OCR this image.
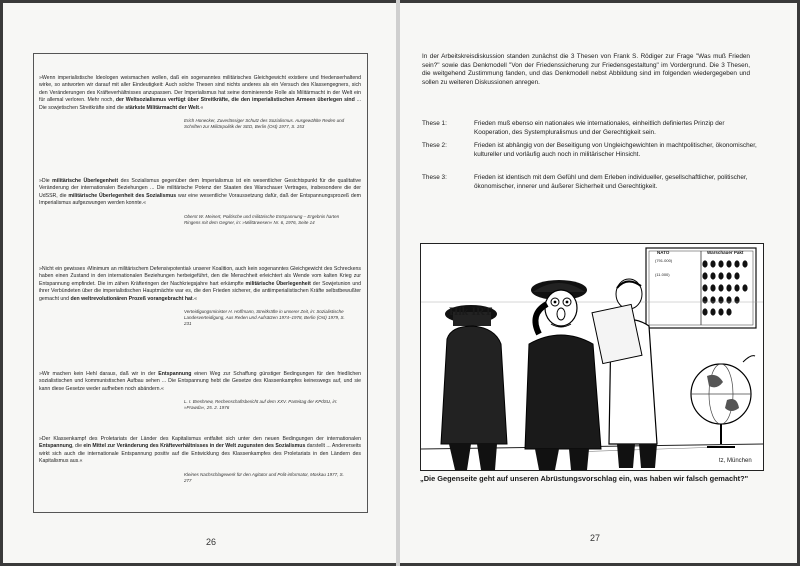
»Wenn imperialistische Ideologen weismachen wollen, daß ein sogenanntes militärisches Gleichgewicht existiere und friedenserhaltend wirke, so antworten wir darauf mit aller Eindeutigkeit: Auch solche Thesen sind nichts anderes als ein Versuch des Klassengegners, sich den Veränderungen des Kräfteverhältnisses anzupassen. Der Imperialismus hat seine dominierende Rolle als Militärmacht in der Welt ein für allemal verloren. Mehr noch, der Weltsozialismus verfügt über Streitkräfte, die den imperialistischen Armeen überlegen sind ... Die sowjetischen Streitkräfte sind die stärkste Militärmacht der Welt.«

Erich Honecker, Zuverlässiger Schutz des Sozialismus. Ausgewählte Reden und Schriften zur Militärpolitik der SED, Berlin (Ost) 1977, S. 153

»Die militärische Überlegenheit des Sozialismus gegenüber dem Imperialismus ist ein wesentlicher Gesichtspunkt für die qualitative Veränderung der internationalen Beziehungen ... Die militärische Potenz der Staaten des Warschauer Vertrages, insbesondere die der UdSSR, die militärische Überlegenheit des Sozialismus war eine wesentliche Voraussetzung dafür, daß der Entspannungsprozeß dem Imperialismus aufgezwungen werden konnte.«

Oberst W. Meinert, Politische und militärische Entspannung – Ergebnis harten Ringens mit dem Gegner, in: »Militärwesen« Nr. 6, 1976, Seite 14

»Nicht ein gewisses ›Minimum an militärischem Defensivpotential‹ unserer Koalition, auch kein sogenanntes Gleichgewicht des Schreckens haben einen Zustand in den internationalen Beziehungen herbeigeführt, den die Menschheit erleichtert als Wende vom kalten Krieg zur Entspannung empfindet. Die im zähen Kräfteringen der Nachkriegsjahre hart erkämpfte militärische Überlegenheit der Sowjetunion und ihrer Verbündeten über die imperialistischen Hauptmächte war es, die den Frieden sicherer, die antiimperialistischen Kräfte selbstbewußter gemacht und den weltrevolutionären Prozeß vorangebracht hat.«

Verteidigungsminister H. Hoffmann, Streitkräfte in unserer Zeit, in: Sozialistische Landesverteidigung, Aus Reden und Aufsätzen 1974–1978, Berlin (Ost) 1979, S. 231

»Wir machen kein Hehl daraus, daß wir in der Entspannung einen Weg zur Schaffung günstiger Bedingungen für den friedlichen sozialistischen und kommunistischen Aufbau sehen ... Die Entspannung hebt die Gesetze des Klassenkampfes keineswegs auf, und sie kann diese Gesetze weder aufheben noch abändern.«

L. I. Breshnew, Rechenschaftsbericht auf dem XXV. Parteitag der KPdSU, in: »Prawda«, 25. 2. 1976

»Der Klassenkampf des Proletariats der Länder des Kapitalismus entfaltet sich unter den neuen Bedingungen der internationalen Entspannung, die ein Mittel zur Veränderung des Kräfteverhältnisses in der Welt zugunsten des Sozialismus darstellt ... Andererseits wirkt sich auch die internationale Entspannung positiv auf die Entwicklung des Klassenkampfes des Proletariats in den Ländern des Kapitalismus aus.«

Kleines Nachschlagewerk für den Agitator und Polit-informator, Moskau 1977, S. 277

26

In der Arbeitskreisdiskussion standen zunächst die 3 Thesen von Frank S. Rödiger zur Frage "Was muß Frieden sein?" sowie das Denkmodell "Von der Friedenssicherung zur Friedensgestaltung" im Vordergrund. Die 3 Thesen, die weitgehend Zustimmung fanden, und das Denkmodell nebst Abbildung sind im folgenden wiedergegeben und sollen zu weiteren Diskussionen anregen.

These 1:	Frieden muß ebenso ein nationales wie internationales, einheitlich definiertes Prinzip der Kooperation, des Systempluralismus und der Gerechtigkeit sein.
These 2:	Frieden ist abhängig von der Beseitigung von Ungleichgewichten in machtpolitischer, ökonomischer, kultureller und vorläufig auch noch in militärischer Hinsicht.
These 3:	Frieden ist identisch mit dem Gefühl und dem Erleben individueller, gesellschaftlicher, politischer, ökonomischer, innerer und äußerer Sicherheit und Gerechtigkeit.
Hik IRT
NATO	Warschauer Pakt
(791.000)
(11.000)
tz, München

„Die Gegenseite geht auf unseren Abrüstungsvorschlag ein, was haben wir falsch gemacht?"

27
